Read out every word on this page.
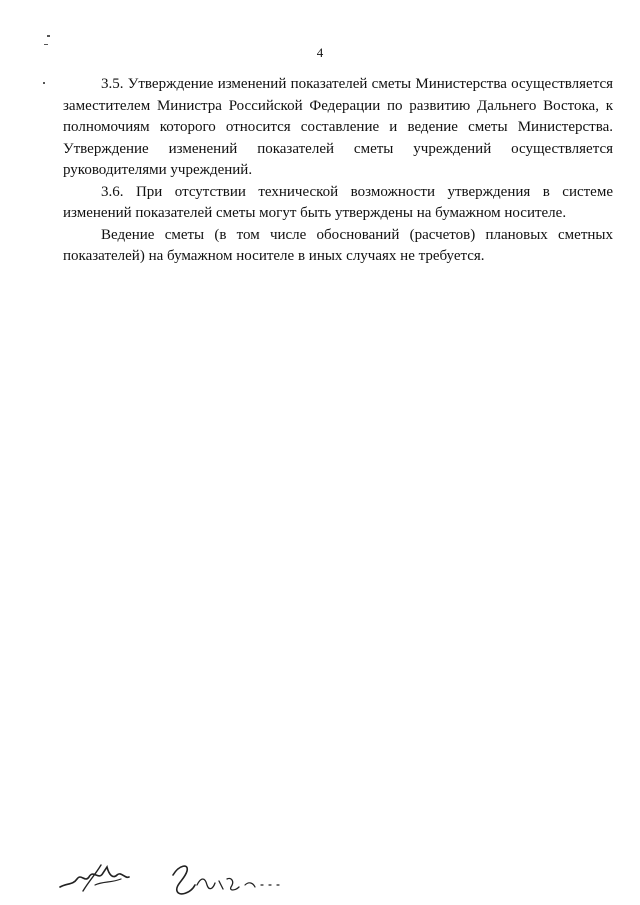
4

3.5. Утверждение изменений показателей сметы Министерства осуществляется заместителем Министра Российской Федерации по развитию Дальнего Востока, к полномочиям которого относится составление и ведение сметы Министерства. Утверждение изменений показателей сметы учреждений осуществляется руководителями учреждений.

3.6. При отсутствии технической возможности утверждения в системе изменений показателей сметы могут быть утверждены на бумажном носителе.

Ведение сметы (в том числе обоснований (расчетов) плановых сметных показателей) на бумажном носителе в иных случаях не требуется.
